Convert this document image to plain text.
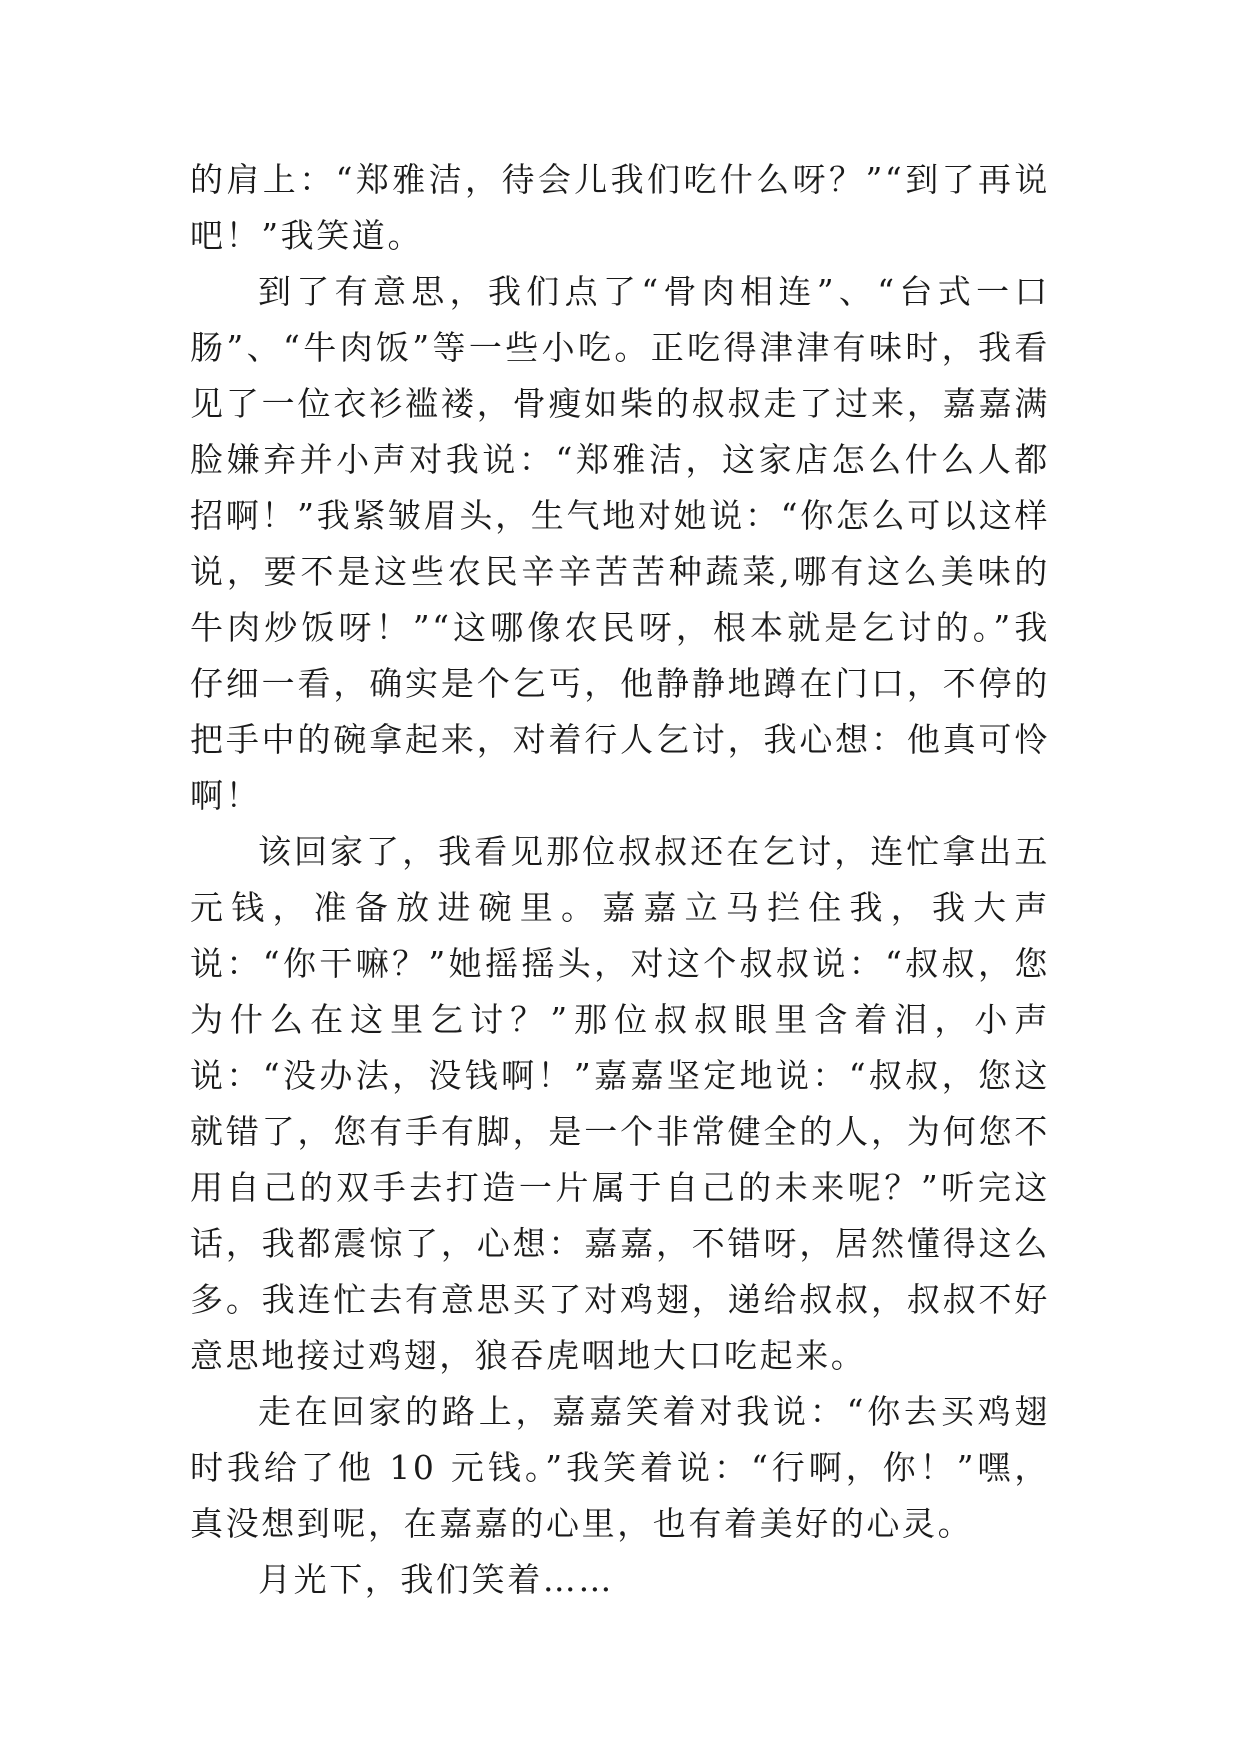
的肩上：“郑雅洁，待会儿我们吃什么呀？”“到了再说吧！”我笑道。

到了有意思，我们点了“骨肉相连”、“台式一口肠”、“牛肉饭”等一些小吃。正吃得津津有味时，我看见了一位衣衫褴褛，骨瘦如柴的叔叔走了过来，嘉嘉满脸嫌弃并小声对我说：“郑雅洁，这家店怎么什么人都招啊！”我紧皱眉头，生气地对她说：“你怎么可以这样说，要不是这些农民辛辛苦苦种蔬菜,哪有这么美味的牛肉炒饭呀！”“这哪像农民呀，根本就是乞讨的。”我仔细一看，确实是个乞丐，他静静地蹲在门口，不停的把手中的碗拿起来，对着行人乞讨，我心想：他真可怜啊！

该回家了，我看见那位叔叔还在乞讨，连忙拿出五元钱，准备放进碗里。嘉嘉立马拦住我，我大声说：“你干嘛？”她摇摇头，对这个叔叔说：“叔叔，您为什么在这里乞讨？”那位叔叔眼里含着泪，小声说：“没办法，没钱啊！”嘉嘉坚定地说：“叔叔，您这就错了，您有手有脚，是一个非常健全的人，为何您不用自己的双手去打造一片属于自己的未来呢？”听完这话，我都震惊了，心想：嘉嘉，不错呀，居然懂得这么多。我连忙去有意思买了对鸡翅，递给叔叔，叔叔不好意思地接过鸡翅，狼吞虎咽地大口吃起来。

走在回家的路上，嘉嘉笑着对我说：“你去买鸡翅时我给了他 10 元钱。”我笑着说：“行啊，你！”嘿，真没想到呢，在嘉嘉的心里，也有着美好的心灵。

月光下，我们笑着……
